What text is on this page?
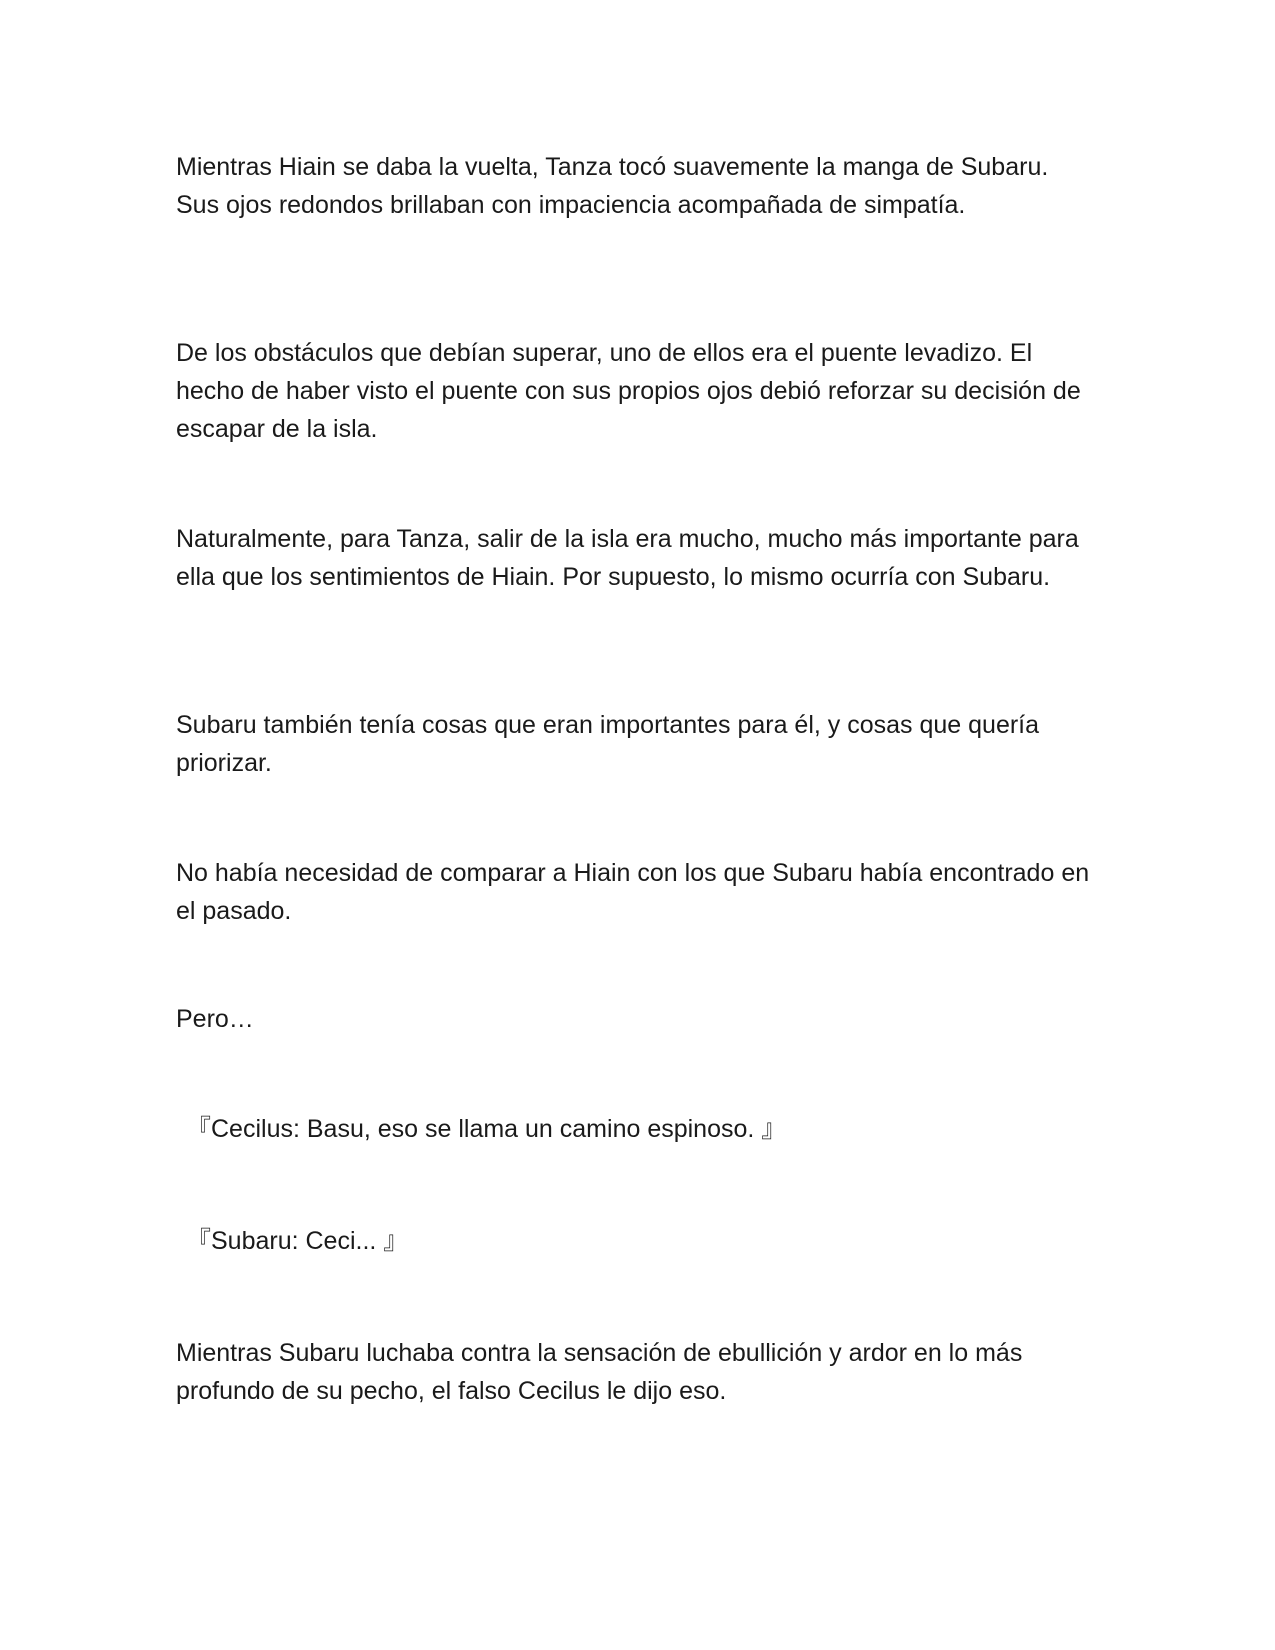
Mientras Hiain se daba la vuelta, Tanza tocó suavemente la manga de Subaru. Sus ojos redondos brillaban con impaciencia acompañada de simpatía.

De los obstáculos que debían superar, uno de ellos era el puente levadizo. El hecho de haber visto el puente con sus propios ojos debió reforzar su decisión de escapar de la isla.

Naturalmente, para Tanza, salir de la isla era mucho, mucho más importante para ella que los sentimientos de Hiain. Por supuesto, lo mismo ocurría con Subaru.

Subaru también tenía cosas que eran importantes para él, y cosas que quería priorizar.

No había necesidad de comparar a Hiain con los que Subaru había encontrado en el pasado.

Pero…

『Cecilus: Basu, eso se llama un camino espinoso. 』

『Subaru: Ceci... 』

Mientras Subaru luchaba contra la sensación de ebullición y ardor en lo más profundo de su pecho, el falso Cecilus le dijo eso.
